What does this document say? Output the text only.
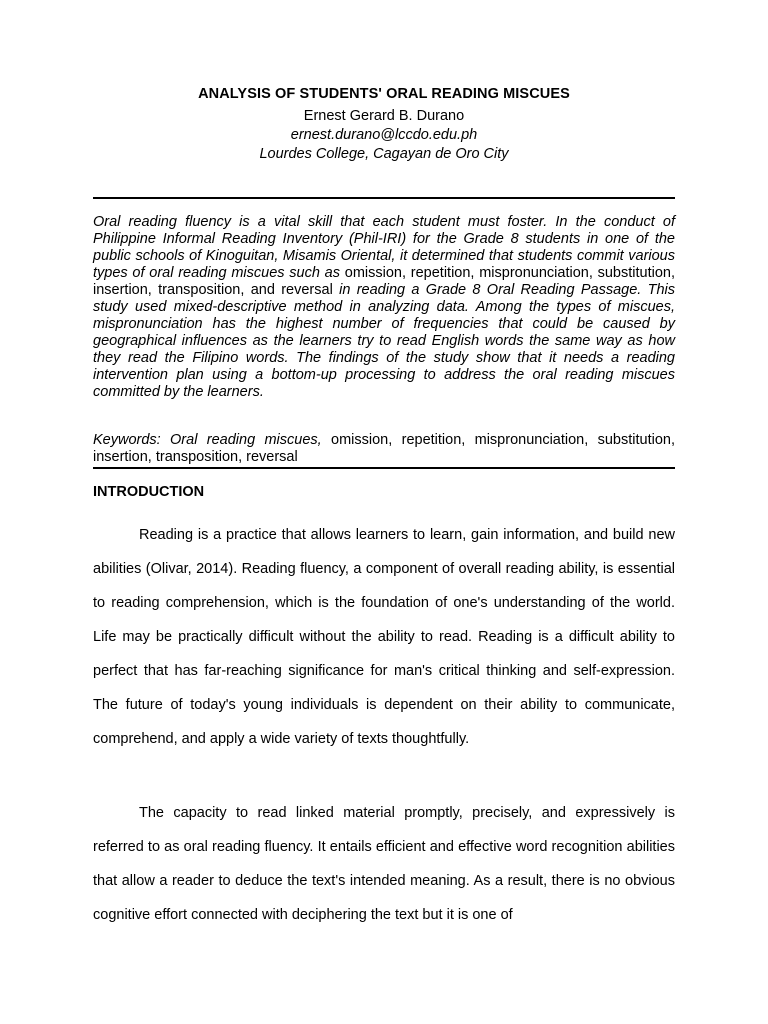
ANALYSIS OF STUDENTS' ORAL READING MISCUES
Ernest Gerard B. Durano
ernest.durano@lccdo.edu.ph
Lourdes College, Cagayan de Oro City
Oral reading fluency is a vital skill that each student must foster. In the conduct of Philippine Informal Reading Inventory (Phil-IRI) for the Grade 8 students in one of the public schools of Kinoguitan, Misamis Oriental, it determined that students commit various types of oral reading miscues such as omission, repetition, mispronunciation, substitution, insertion, transposition, and reversal in reading a Grade 8 Oral Reading Passage. This study used mixed-descriptive method in analyzing data. Among the types of miscues, mispronunciation has the highest number of frequencies that could be caused by geographical influences as the learners try to read English words the same way as how they read the Filipino words. The findings of the study show that it needs a reading intervention plan using a bottom-up processing to address the oral reading miscues committed by the learners.
Keywords: Oral reading miscues, omission, repetition, mispronunciation, substitution, insertion, transposition, reversal
INTRODUCTION
Reading is a practice that allows learners to learn, gain information, and build new abilities (Olivar, 2014). Reading fluency, a component of overall reading ability, is essential to reading comprehension, which is the foundation of one's understanding of the world. Life may be practically difficult without the ability to read. Reading is a difficult ability to perfect that has far-reaching significance for man's critical thinking and self-expression. The future of today's young individuals is dependent on their ability to communicate, comprehend, and apply a wide variety of texts thoughtfully.
The capacity to read linked material promptly, precisely, and expressively is referred to as oral reading fluency. It entails efficient and effective word recognition abilities that allow a reader to deduce the text's intended meaning. As a result, there is no obvious cognitive effort connected with deciphering the text but it is one of
